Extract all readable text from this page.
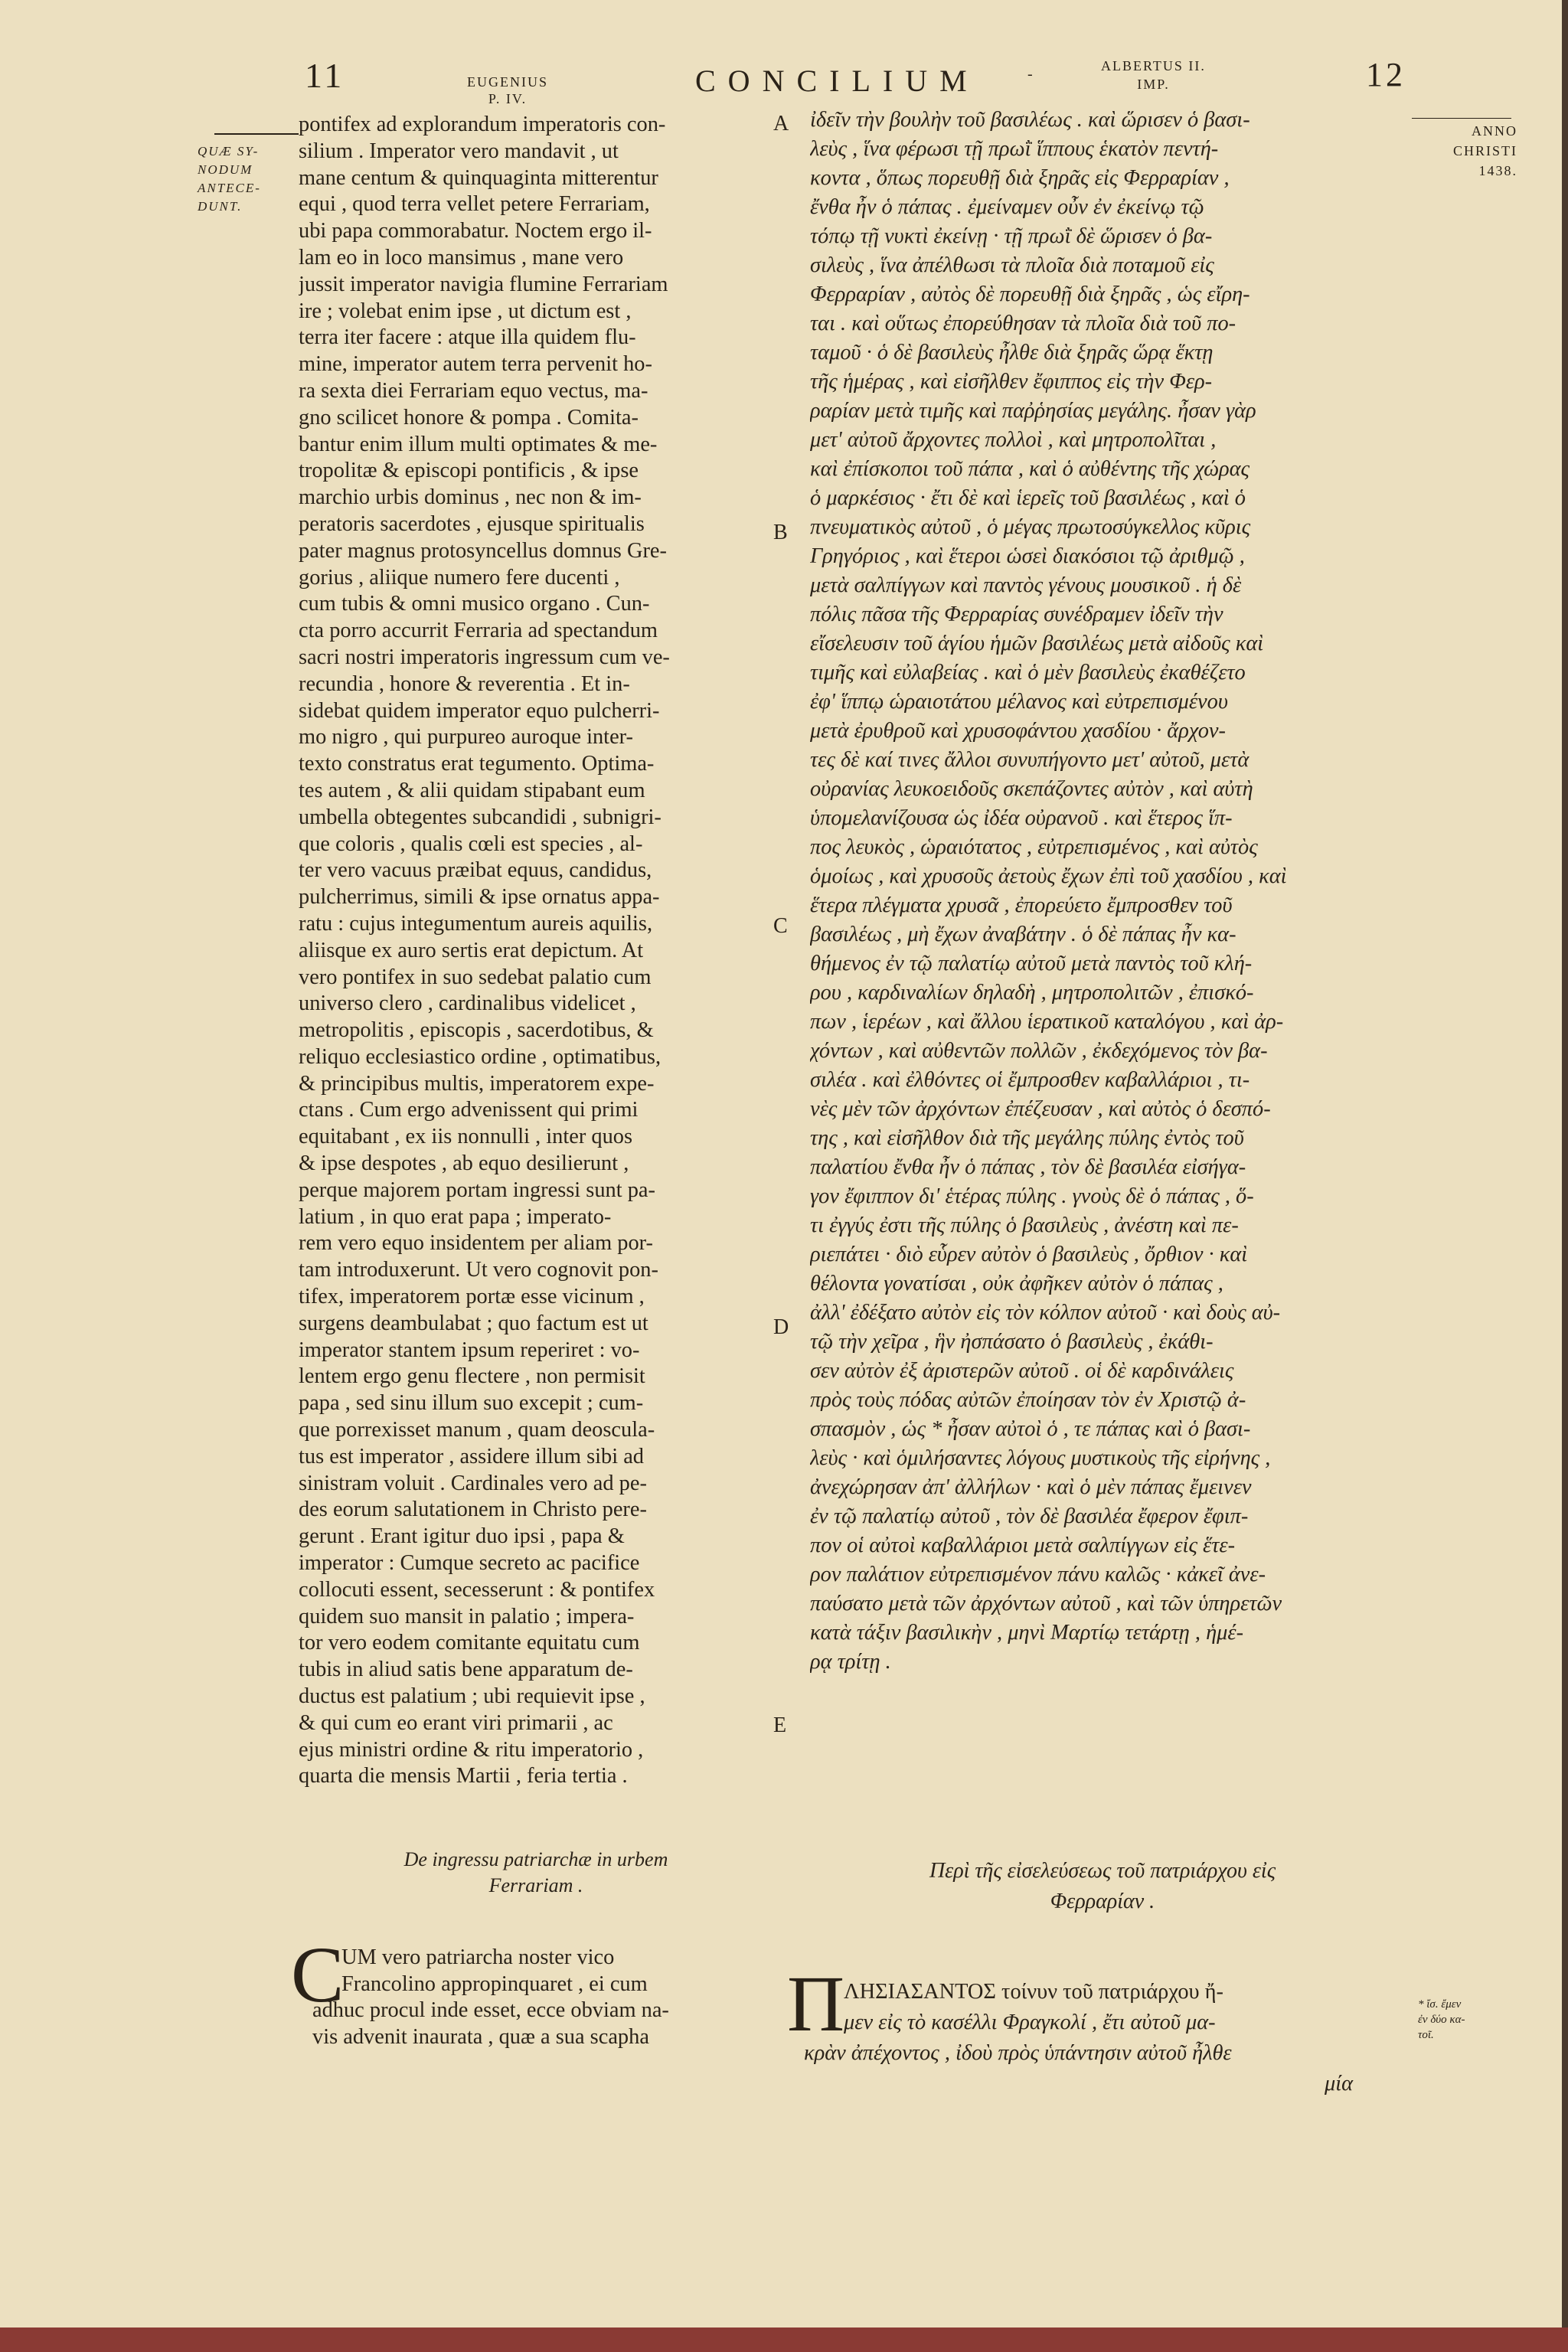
11	EUGENIUS
P. IV.
CONCILIUM	-	ALBERTUS II.
IMP.	12
QUÆ SY-
NODUM
ANTECE-
DUNT.
ANNO
CHRISTI
1438.
* ἴσ. ἔμεν
ἐν δύο κα-
τοῖ.
pontifex ad explorandum imperatoris con-
silium . Imperator vero mandavit , ut
mane centum & quinquaginta mitterentur
equi , quod terra vellet petere Ferrariam,
ubi papa commorabatur. Noctem ergo il-
lam eo in loco mansimus , mane vero
jussit imperator navigia flumine Ferrariam
ire ; volebat enim ipse , ut dictum est ,
terra iter facere : atque illa quidem flu-
mine, imperator autem terra pervenit ho-
ra sexta diei Ferrariam equo vectus, ma-
gno scilicet honore & pompa . Comita-
bantur enim illum multi optimates & me-
tropolitæ & episcopi pontificis , & ipse
marchio urbis dominus , nec non & im-
peratoris sacerdotes , ejusque spiritualis
pater magnus protosyncellus domnus Gre-
gorius , aliique numero fere ducenti ,
cum tubis & omni musico organo . Cun-
cta porro accurrit Ferraria ad spectandum
sacri nostri imperatoris ingressum cum ve-
recundia , honore & reverentia . Et in-
sidebat quidem imperator equo pulcherri-
mo nigro , qui purpureo auroque inter-
texto constratus erat tegumento. Optima-
tes autem , & alii quidam stipabant eum
umbella obtegentes subcandidi , subnigri-
que coloris , qualis cœli est species , al-
ter vero vacuus præibat equus, candidus,
pulcherrimus, simili & ipse ornatus appa-
ratu : cujus integumentum aureis aquilis,
aliisque ex auro sertis erat depictum. At
vero pontifex in suo sedebat palatio cum
universo clero , cardinalibus videlicet ,
metropolitis , episcopis , sacerdotibus, &
reliquo ecclesiastico ordine , optimatibus,
& principibus multis, imperatorem expe-
ctans . Cum ergo advenissent qui primi
equitabant , ex iis nonnulli , inter quos
& ipse despotes , ab equo desilierunt ,
perque majorem portam ingressi sunt pa-
latium , in quo erat papa ; imperato-
rem vero equo insidentem per aliam por-
tam introduxerunt. Ut vero cognovit pon-
tifex, imperatorem portæ esse vicinum ,
surgens deambulabat ; quo factum est ut
imperator stantem ipsum reperiret : vo-
lentem ergo genu flectere , non permisit
papa , sed sinu illum suo excepit ; cum-
que porrexisset manum , quam deoscula-
tus est imperator , assidere illum sibi ad
sinistram voluit . Cardinales vero ad pe-
des eorum salutationem in Christo pere-
gerunt . Erant igitur duo ipsi , papa &
imperator : Cumque secreto ac pacifice
collocuti essent, secesserunt : & pontifex
quidem suo mansit in palatio ; impera-
tor vero eodem comitante equitatu cum
tubis in aliud satis bene apparatum de-
ductus est palatium ; ubi requievit ipse ,
& qui cum eo erant viri primarii , ac
ejus ministri ordine & ritu imperatorio ,
quarta die mensis Martii , feria tertia .
ἰδεῖν τὴν βουλὴν τοῦ βασιλέως . καὶ ὥρισεν ὁ βασι-
λεὺς , ἵνα φέρωσι τῇ πρωῒ ἵππους ἑκατὸν πεντή-
κοντα , ὅπως πορευθῇ διὰ ξηρᾶς εἰς Φερραρίαν ,
ἔνθα ἦν ὁ πάπας . ἐμείναμεν οὖν ἐν ἐκείνῳ τῷ
τόπῳ τῇ νυκτὶ ἐκείνῃ · τῇ πρωῒ δὲ ὥρισεν ὁ βα-
σιλεὺς , ἵνα ἀπέλθωσι τὰ πλοῖα διὰ ποταμοῦ εἰς
Φερραρίαν , αὐτὸς δὲ πορευθῇ διὰ ξηρᾶς , ὡς εἴρη-
ται . καὶ οὕτως ἐπορεύθησαν τὰ πλοῖα διὰ τοῦ πο-
ταμοῦ · ὁ δὲ βασιλεὺς ἦλθε διὰ ξηρᾶς ὥρᾳ ἕκτῃ
τῆς ἡμέρας , καὶ εἰσῆλθεν ἔφιππος εἰς τὴν Φερ-
ραρίαν μετὰ τιμῆς καὶ παῤῥησίας μεγάλης. ἦσαν γὰρ
μετ' αὐτοῦ ἄρχοντες πολλοὶ , καὶ μητροπολῖται ,
καὶ ἐπίσκοποι τοῦ πάπα , καὶ ὁ αὐθέντης τῆς χώρας
ὁ μαρκέσιος · ἔτι δὲ καὶ ἱερεῖς τοῦ βασιλέως , καὶ ὁ
πνευματικὸς αὐτοῦ , ὁ μέγας πρωτοσύγκελλος κῦρις
Γρηγόριος , καὶ ἕτεροι ὡσεὶ διακόσιοι τῷ ἀριθμῷ ,
μετὰ σαλπίγγων καὶ παντὸς γένους μουσικοῦ . ἡ δὲ
πόλις πᾶσα τῆς Φερραρίας συνέδραμεν ἰδεῖν τὴν
εἴσελευσιν τοῦ ἁγίου ἡμῶν βασιλέως μετὰ αἰδοῦς καὶ
τιμῆς καὶ εὐλαβείας . καὶ ὁ μὲν βασιλεὺς ἐκαθέζετο
ἐφ' ἵππῳ ὡραιοτάτου μέλανος καὶ εὐτρεπισμένου
μετὰ ἐρυθροῦ καὶ χρυσοφάντου χασδίου · ἄρχον-
τες δὲ καί τινες ἄλλοι συνυπήγοντο μετ' αὐτοῦ, μετὰ
οὐρανίας λευκοειδοῦς σκεπάζοντες αὐτὸν , καὶ αὐτὴ
ὑπομελανίζουσα ὡς ἰδέα οὐρανοῦ . καὶ ἕτερος ἵπ-
πος λευκὸς , ὡραιότατος , εὐτρεπισμένος , καὶ αὐτὸς
ὁμοίως , καὶ χρυσοῦς ἀετοὺς ἔχων ἐπὶ τοῦ χασδίου , καὶ
ἕτερα πλέγματα χρυσᾶ , ἐπορεύετο ἔμπροσθεν τοῦ
βασιλέως , μὴ ἔχων ἀναβάτην . ὁ δὲ πάπας ἦν κα-
θήμενος ἐν τῷ παλατίῳ αὐτοῦ μετὰ παντὸς τοῦ κλή-
ρου , καρδιναλίων δηλαδὴ , μητροπολιτῶν , ἐπισκό-
πων , ἱερέων , καὶ ἄλλου ἱερατικοῦ καταλόγου , καὶ ἀρ-
χόντων , καὶ αὐθεντῶν πολλῶν , ἐκδεχόμενος τὸν βα-
σιλέα . καὶ ἐλθόντες οἱ ἔμπροσθεν καβαλλάριοι , τι-
νὲς μὲν τῶν ἀρχόντων ἐπέζευσαν , καὶ αὐτὸς ὁ δεσπό-
της , καὶ εἰσῆλθον διὰ τῆς μεγάλης πύλης ἐντὸς τοῦ
παλατίου ἔνθα ἦν ὁ πάπας , τὸν δὲ βασιλέα εἰσήγα-
γον ἔφιππον δι' ἑτέρας πύλης . γνοὺς δὲ ὁ πάπας , ὅ-
τι ἐγγύς ἐστι τῆς πύλης ὁ βασιλεὺς , ἀνέστη καὶ πε-
ριεπάτει · διὸ εὗρεν αὐτὸν ὁ βασιλεὺς , ὄρθιον · καὶ
θέλοντα γονατίσαι , οὐκ ἀφῆκεν αὐτὸν ὁ πάπας ,
ἀλλ' ἐδέξατο αὐτὸν εἰς τὸν κόλπον αὐτοῦ · καὶ δοὺς αὐ-
τῷ τὴν χεῖρα , ἣν ἠσπάσατο ὁ βασιλεὺς , ἐκάθι-
σεν αὐτὸν ἐξ ἀριστερῶν αὐτοῦ . οἱ δὲ καρδινάλεις
πρὸς τοὺς πόδας αὐτῶν ἐποίησαν τὸν ἐν Χριστῷ ἀ-
σπασμὸν , ὡς * ἦσαν αὐτοὶ ὁ , τε πάπας καὶ ὁ βασι-
λεὺς · καὶ ὁμιλήσαντες λόγους μυστικοὺς τῆς εἰρήνης ,
ἀνεχώρησαν ἀπ' ἀλλήλων · καὶ ὁ μὲν πάπας ἔμεινεν
ἐν τῷ παλατίῳ αὐτοῦ , τὸν δὲ βασιλέα ἔφερον ἔφιπ-
πον οἱ αὐτοὶ καβαλλάριοι μετὰ σαλπίγγων εἰς ἕτε-
ρον παλάτιον εὐτρεπισμένον πάνυ καλῶς · κἀκεῖ ἀνε-
παύσατο μετὰ τῶν ἀρχόντων αὐτοῦ , καὶ τῶν ὑπηρετῶν
κατὰ τάξιν βασιλικὴν , μηνὶ Μαρτίῳ τετάρτῃ , ἡμέ-
ρᾳ τρίτῃ .
A
B
C
D
E
De ingressu patriarchæ in urbem
Ferrariam .
Περὶ τῆς εἰσελεύσεως τοῦ πατριάρχου εἰς
Φερραρίαν .
C
UM vero patriarcha noster vico
Francolino appropinquaret , ei cum
adhuc procul inde esset, ecce obviam na-
vis advenit inaurata , quæ a sua scapha	Π
ΛΗΣΙΑΣΑΝΤΟΣ τοίνυν τοῦ πατριάρχου ἤ-
μεν εἰς τὸ κασέλλι Φραγκολί , ἔτι αὐτοῦ μα-
κρὰν ἀπέχοντος , ἰδοὺ πρὸς ὑπάντησιν αὐτοῦ ἦλθε
μία
